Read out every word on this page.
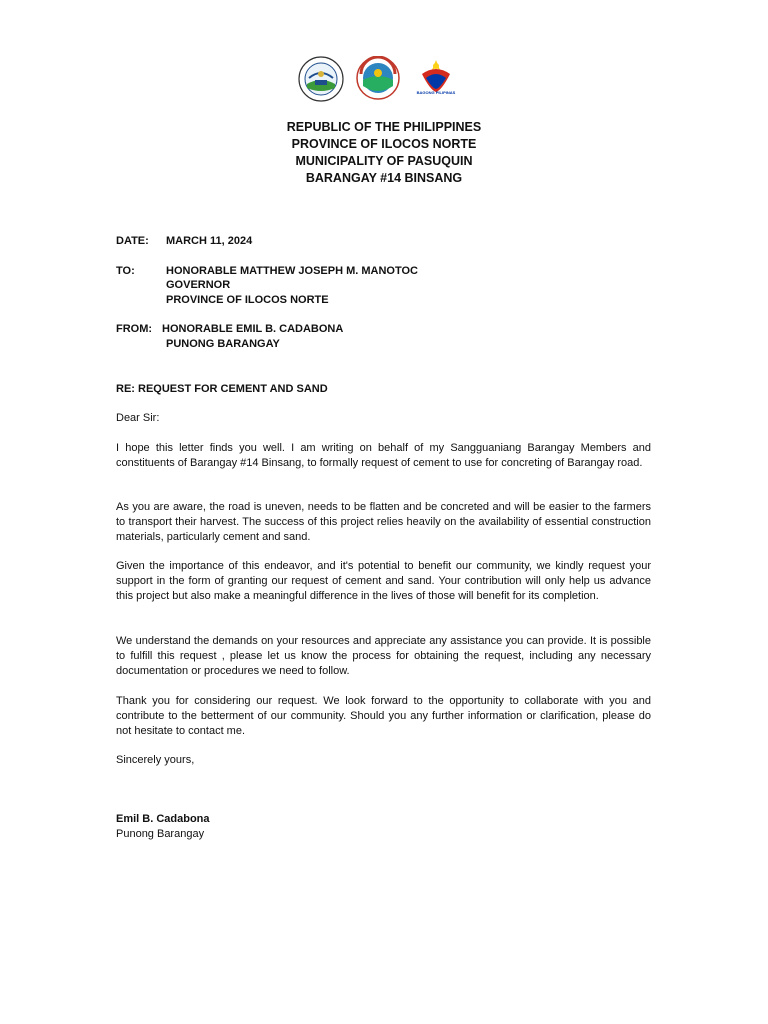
BAGONG PILIPINAS
REPUBLIC OF THE PHILIPPINES
PROVINCE OF ILOCOS NORTE
MUNICIPALITY OF PASUQUIN
BARANGAY #14 BINSANG
DATE: MARCH 11, 2024
TO:	HONORABLE MATTHEW JOSEPH M. MANOTOC
GOVERNOR
PROVINCE OF ILOCOS NORTE
FROM: HONORABLE EMIL B. CADABONA
PUNONG BARANGAY
RE: REQUEST FOR CEMENT AND SAND
Dear Sir:

I hope this letter finds you well. I am writing on behalf of my Sangguaniang Barangay Members and constituents of Barangay #14 Binsang, to formally request of cement to use for concreting of Barangay road.

As you are aware, the road is uneven, needs to be flatten and be concreted and will be easier to the farmers to transport their harvest. The success of this project relies heavily on the availability of essential construction materials, particularly cement and sand.

Given the importance of this endeavor, and it's potential to benefit our community, we kindly request your support in the form of granting our request of cement and sand. Your contribution will only help us advance this project but also make a meaningful difference in the lives of those will benefit for its completion.

We understand the demands on your resources and appreciate any assistance you can provide. It is possible to fulfill this request , please let us know the process for obtaining the request, including any necessary documentation or procedures we need to follow.

Thank you for considering our request. We look forward to the opportunity to collaborate with you and contribute to the betterment of our community. Should you any further information or clarification, please do not hesitate to contact me.

Sincerely yours,
Emil B. Cadabona
Punong Barangay
